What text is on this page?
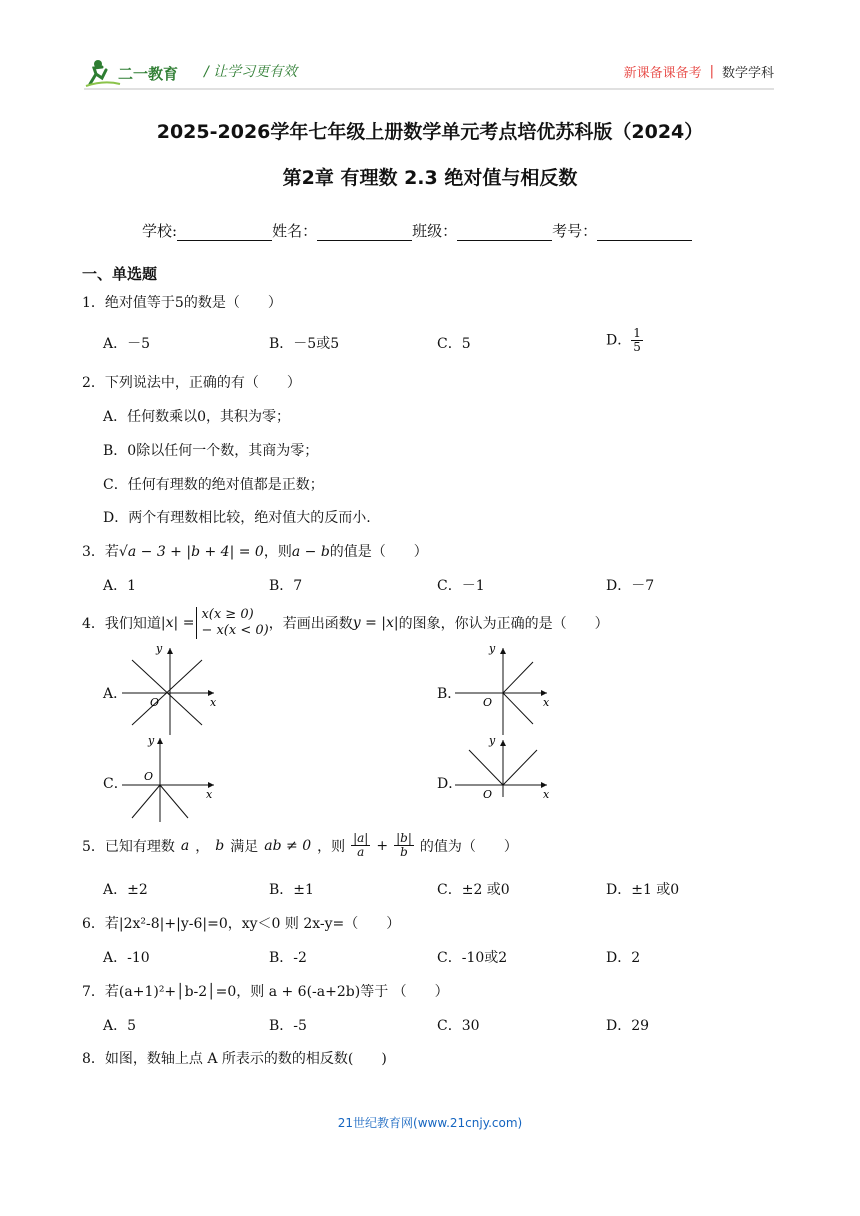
二一教育 / 让学习更有效	新课备课备考 | 数学学科
2025-2026学年七年级上册数学单元考点培优苏科版（2024）
第2章 有理数 2.3 绝对值与相反数
学校:	姓名：	班级：	考号：
一、单选题
1．绝对值等于5的数是（　　）
A．－5	B．－5或5	C．5	D． $\frac{1}{5}$
2．下列说法中，正确的有（　　）
A．任何数乘以0，其积为零；
B．0除以任何一个数，其商为零；
C．任何有理数的绝对值都是正数；
D．两个有理数相比较，绝对值大的反而小.
3．若√a − 3 + |b + 4| = 0，则a − b的值是（　　）
A．1	B．7	C．－1	D．－7
4．我们知道 |x| =
x(x ≥ 0)
− x(x < 0) ，若画出函数 y = |x| 的图象，你认为正确的是（　　）
A．	B．
C．	D．
y
x
O
y
x
O
y
x
O
y
x
O
5．已知有理数 a ， b 满足 ab ≠ 0 ，则 $\frac{|a|}{a} + \frac{|b|}{b}$ 的值为（　　）
A．±2	B．±1	C．±2 或0	D．±1 或0
6．若|2x²-8|+|y-6|=0，xy＜0 则 2x-y=（　　）
A．-10	B．-2	C．-10或2	D．2
7．若(a+1)²+│b-2│=0，则 a + 6(-a+2b)等于 （　　）
A．5	B．-5	C．30	D．29
8．如图，数轴上点 A 所表示的数的相反数(　　)
21世纪教育网(www.21cnjy.com)
